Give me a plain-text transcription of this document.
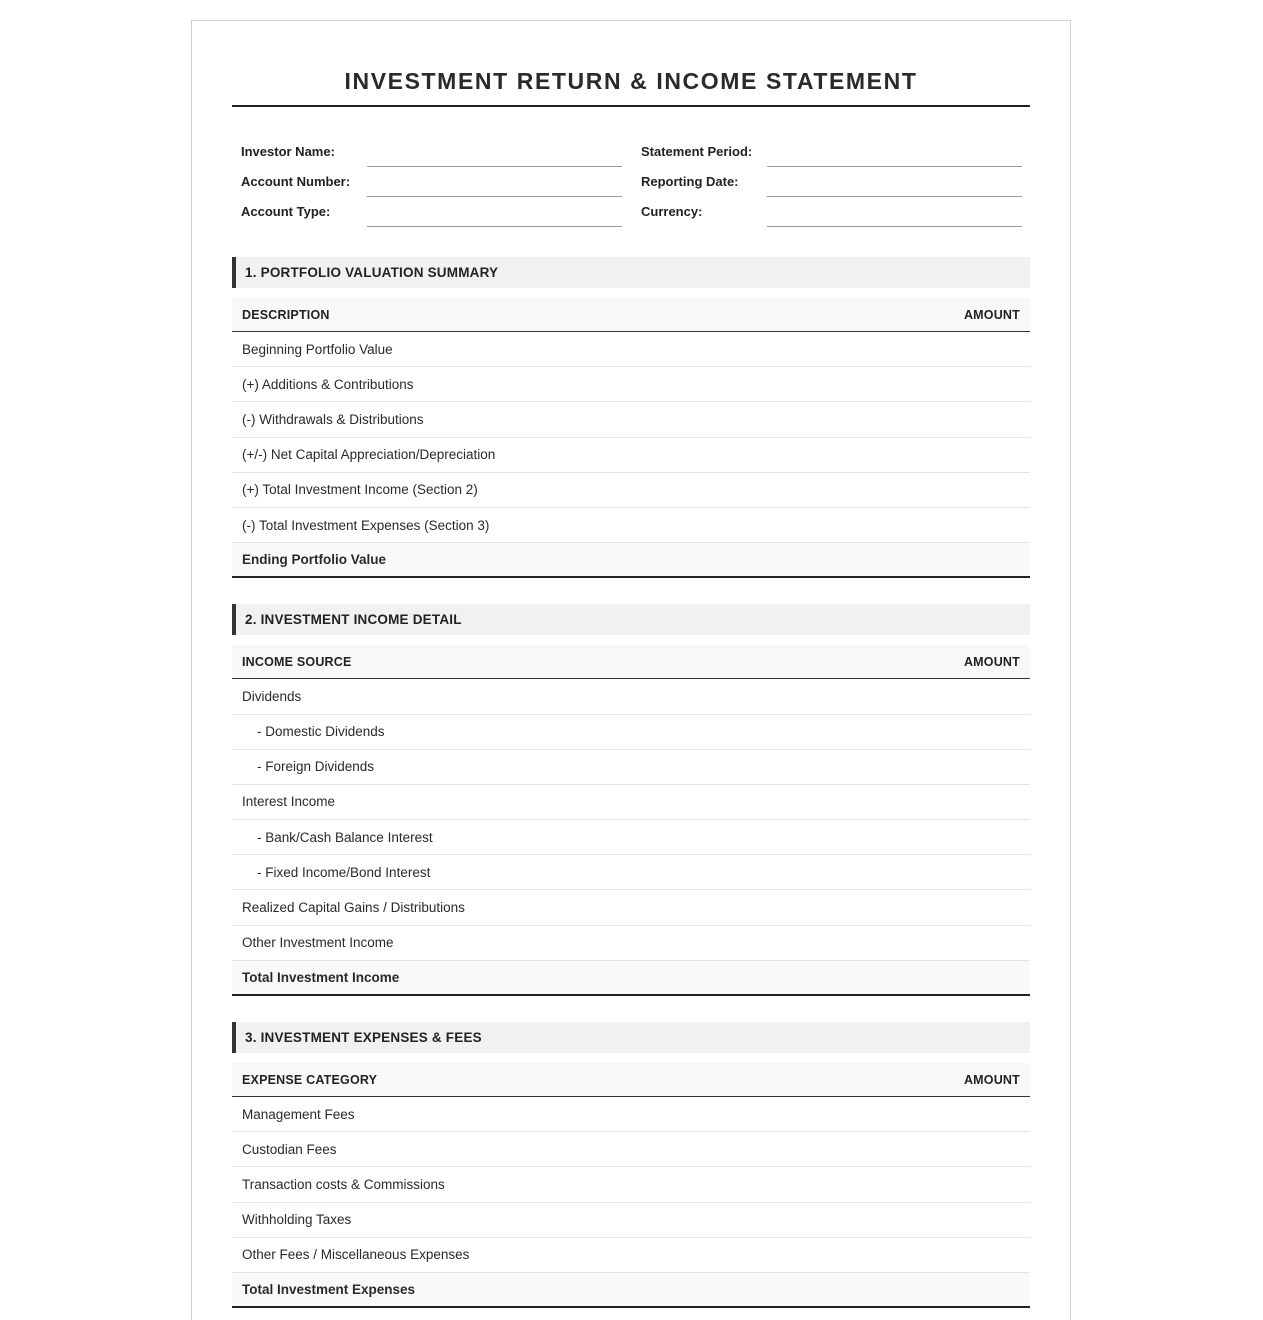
INVESTMENT RETURN & INCOME STATEMENT
Investor Name:	Statement Period:
Account Number:	Reporting Date:
Account Type:	Currency:
1. PORTFOLIO VALUATION SUMMARY
DESCRIPTION	AMOUNT
Beginning Portfolio Value
(+) Additions & Contributions
(-) Withdrawals & Distributions
(+/-) Net Capital Appreciation/Depreciation
(+) Total Investment Income (Section 2)
(-) Total Investment Expenses (Section 3)
Ending Portfolio Value
2. INVESTMENT INCOME DETAIL
INCOME SOURCE	AMOUNT
Dividends
- Domestic Dividends
- Foreign Dividends
Interest Income
- Bank/Cash Balance Interest
- Fixed Income/Bond Interest
Realized Capital Gains / Distributions
Other Investment Income
Total Investment Income
3. INVESTMENT EXPENSES & FEES
EXPENSE CATEGORY	AMOUNT
Management Fees
Custodian Fees
Transaction costs & Commissions
Withholding Taxes
Other Fees / Miscellaneous Expenses
Total Investment Expenses
